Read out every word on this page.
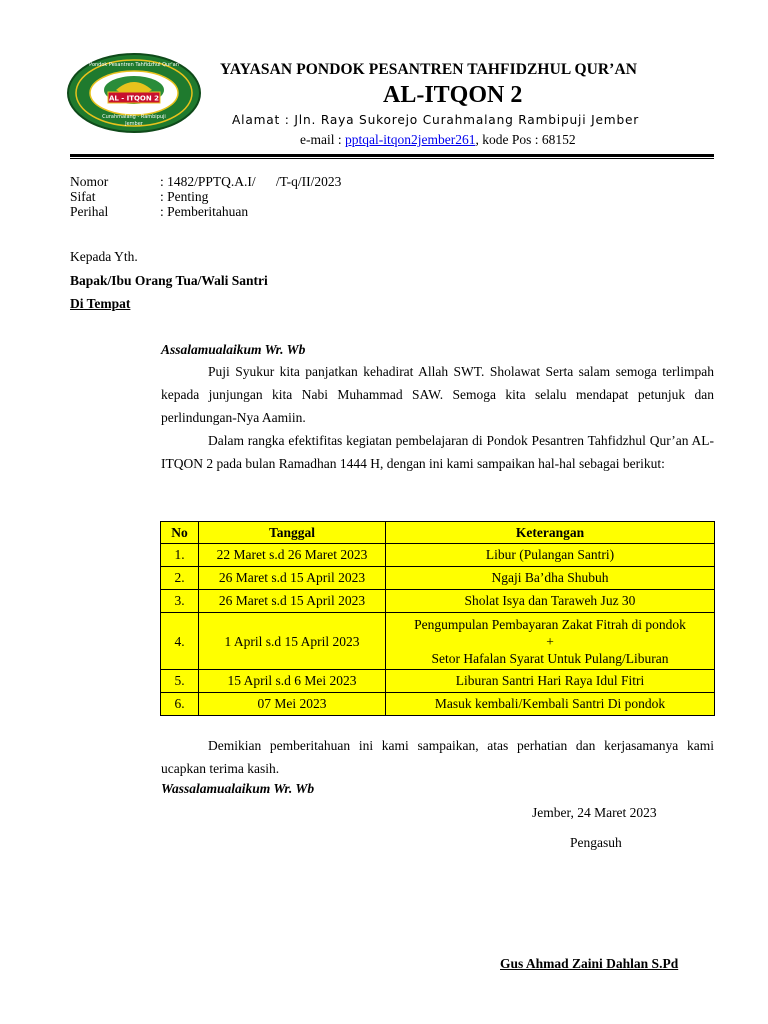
AL - ITQON 2
Pondok Pesantren Tahfidzhul Qur'an
Curahmalang - Rambipuji
Jember
YAYASAN PONDOK PESANTREN TAHFIDZHUL QUR’AN
AL-ITQON 2
Alamat : Jln. Raya Sukorejo Curahmalang Rambipuji Jember
e-mail : pptqal-itqon2jember261, kode Pos : 68152
Nomor	: 1482/PPTQ.A.I/      /T-q/II/2023
Sifat	: Penting
Perihal	: Pemberitahuan
Kepada Yth.
Bapak/Ibu Orang Tua/Wali Santri
Di Tempat
Assalamualaikum Wr. Wb

Puji Syukur kita panjatkan kehadirat Allah SWT. Sholawat Serta salam semoga terlimpah kepada junjungan kita Nabi Muhammad SAW. Semoga kita selalu mendapat petunjuk dan perlindungan-Nya Aamiin.

Dalam rangka efektifitas kegiatan pembelajaran di Pondok Pesantren Tahfidzhul Qur’an AL-ITQON 2 pada bulan Ramadhan 1444 H, dengan ini kami sampaikan hal-hal sebagai berikut:

No	Tanggal	Keterangan
1.	22 Maret s.d 26 Maret 2023	Libur (Pulangan Santri)
2.	26 Maret s.d 15 April 2023	Ngaji Ba’dha Shubuh
3.	26 Maret s.d 15 April 2023	Sholat Isya dan Taraweh Juz 30
4.	1 April s.d 15 April 2023	Pengumpulan Pembayaran Zakat Fitrah di pondok
+
Setor Hafalan Syarat Untuk Pulang/Liburan

5.	15 April s.d 6 Mei 2023	Liburan Santri Hari Raya Idul Fitri
6.	07 Mei 2023	Masuk kembali/Kembali Santri Di pondok

Demikian pemberitahuan ini kami sampaikan, atas perhatian dan kerjasamanya kami ucapkan terima kasih.

Wassalamualaikum Wr. Wb
Jember, 24 Maret 2023
Pengasuh
Gus Ahmad Zaini Dahlan S.Pd
